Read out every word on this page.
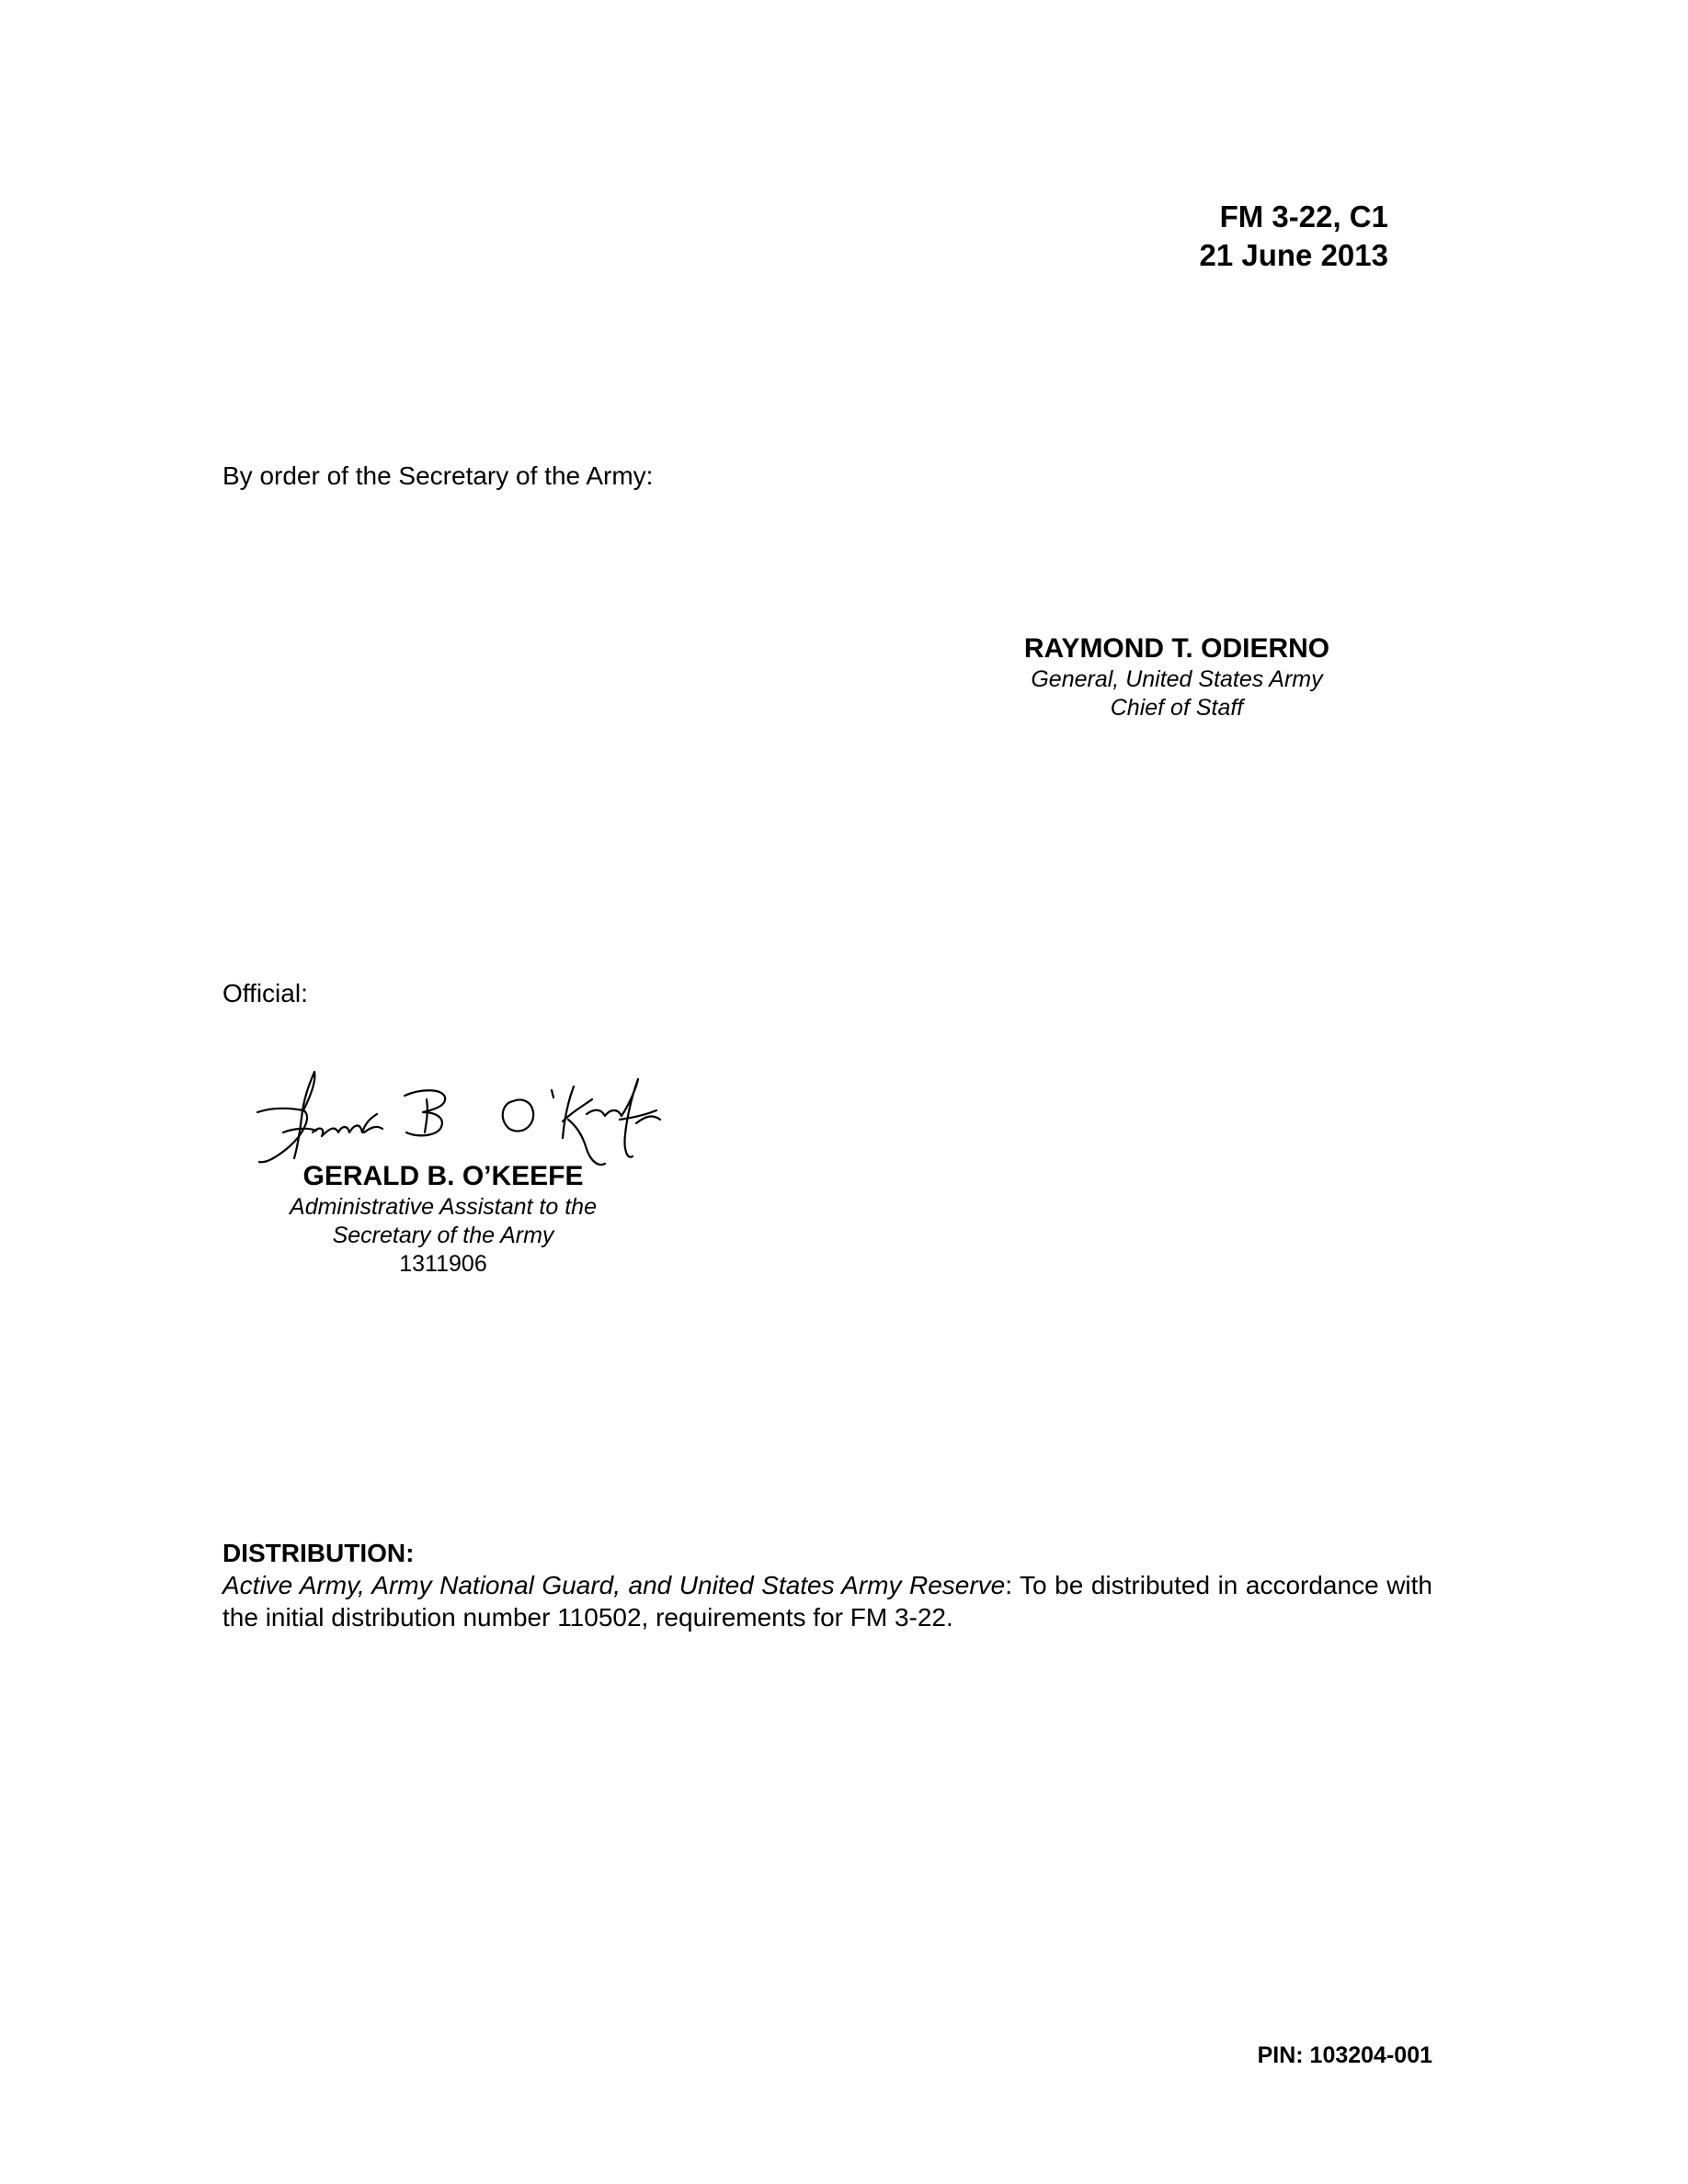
FM 3-22, C1
21 June 2013
By order of the Secretary of the Army:
RAYMOND T. ODIERNO
General, United States Army
Chief of Staff
Official:
GERALD B. O’KEEFE
Administrative Assistant to the
Secretary of the Army
1311906
DISTRIBUTION:
Active Army, Army National Guard, and United States Army Reserve: To be distributed in accordance with the initial distribution number 110502, requirements for FM 3-22.
PIN: 103204-001
